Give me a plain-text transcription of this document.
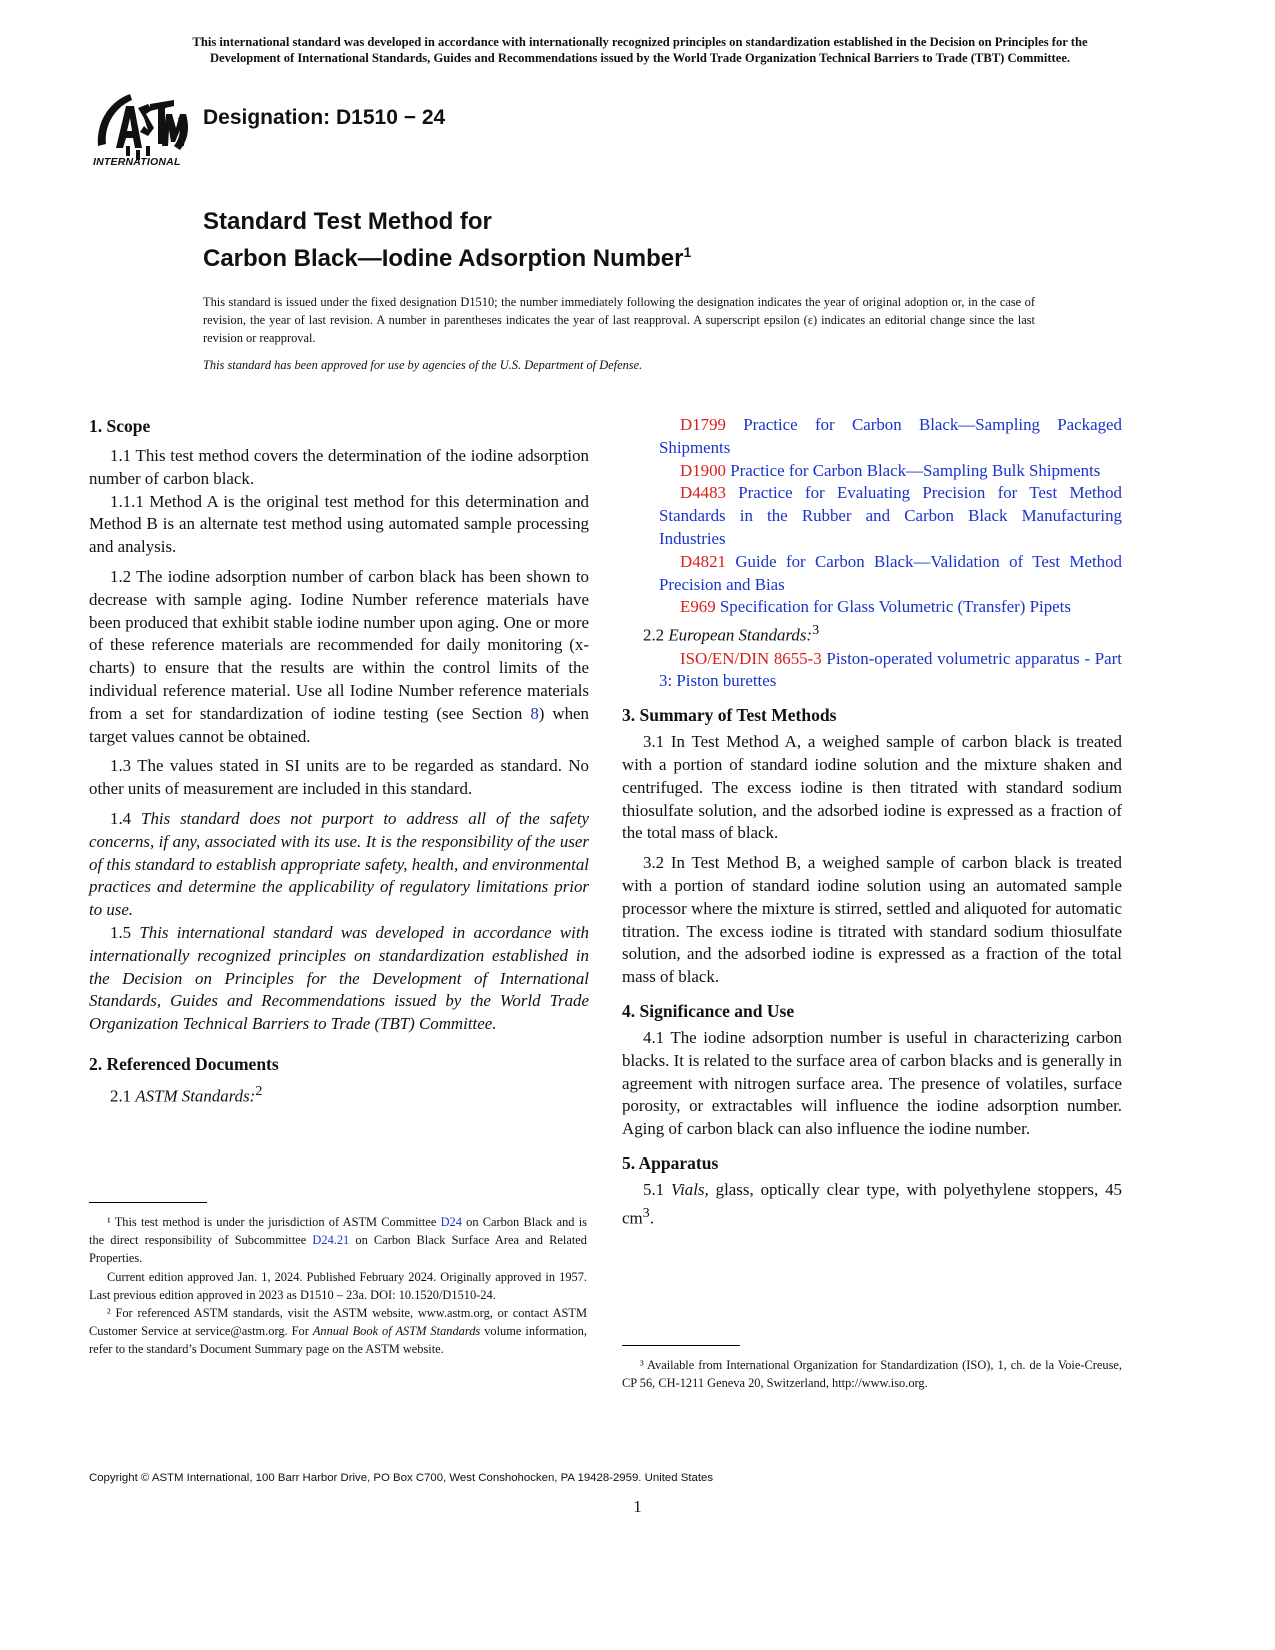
This international standard was developed in accordance with internationally recognized principles on standardization established in the Decision on Principles for the
Development of International Standards, Guides and Recommendations issued by the World Trade Organization Technical Barriers to Trade (TBT) Committee.
INTERNATIONAL
Designation: D1510 − 24
Standard Test Method for
Carbon Black—Iodine Adsorption Number$^1$
This standard is issued under the fixed designation D1510; the number immediately following the designation indicates the year of original adoption or, in the case of revision, the year of last revision. A number in parentheses indicates the year of last reapproval. A superscript epsilon (ε) indicates an editorial change since the last revision or reapproval.
This standard has been approved for use by agencies of the U.S. Department of Defense.
1. Scope

1.1 This test method covers the determination of the iodine adsorption number of carbon black.

1.1.1 Method A is the original test method for this determination and Method B is an alternate test method using automated sample processing and analysis.

1.2 The iodine adsorption number of carbon black has been shown to decrease with sample aging. Iodine Number reference materials have been produced that exhibit stable iodine number upon aging. One or more of these reference materials are recommended for daily monitoring (x-charts) to ensure that the results are within the control limits of the individual reference material. Use all Iodine Number reference materials from a set for standardization of iodine testing (see Section 8) when target values cannot be obtained.

1.3 The values stated in SI units are to be regarded as standard. No other units of measurement are included in this standard.

1.4 This standard does not purport to address all of the safety concerns, if any, associated with its use. It is the responsibility of the user of this standard to establish appropriate safety, health, and environmental practices and determine the applicability of regulatory limitations prior to use.

1.5 This international standard was developed in accordance with internationally recognized principles on standardization established in the Decision on Principles for the Development of International Standards, Guides and Recommendations issued by the World Trade Organization Technical Barriers to Trade (TBT) Committee.

2. Referenced Documents

2.1 ASTM Standards:$^2$

¹ This test method is under the jurisdiction of ASTM Committee D24 on Carbon Black and is the direct responsibility of Subcommittee D24.21 on Carbon Black Surface Area and Related Properties.

Current edition approved Jan. 1, 2024. Published February 2024. Originally approved in 1957. Last previous edition approved in 2023 as D1510 – 23a. DOI: 10.1520/D1510-24.

² For referenced ASTM standards, visit the ASTM website, www.astm.org, or contact ASTM Customer Service at service@astm.org. For Annual Book of ASTM Standards volume information, refer to the standard’s Document Summary page on the ASTM website.

D1799 Practice for Carbon Black—Sampling Packaged Shipments

D1900 Practice for Carbon Black—Sampling Bulk Shipments

D4483 Practice for Evaluating Precision for Test Method Standards in the Rubber and Carbon Black Manufacturing Industries

D4821 Guide for Carbon Black—Validation of Test Method Precision and Bias

E969 Specification for Glass Volumetric (Transfer) Pipets

2.2 European Standards:$^3$

ISO/EN/DIN 8655-3 Piston-operated volumetric apparatus - Part 3: Piston burettes

3. Summary of Test Methods

3.1 In Test Method A, a weighed sample of carbon black is treated with a portion of standard iodine solution and the mixture shaken and centrifuged. The excess iodine is then titrated with standard sodium thiosulfate solution, and the adsorbed iodine is expressed as a fraction of the total mass of black.

3.2 In Test Method B, a weighed sample of carbon black is treated with a portion of standard iodine solution using an automated sample processor where the mixture is stirred, settled and aliquoted for automatic titration. The excess iodine is titrated with standard sodium thiosulfate solution, and the adsorbed iodine is expressed as a fraction of the total mass of black.

4. Significance and Use

4.1 The iodine adsorption number is useful in characterizing carbon blacks. It is related to the surface area of carbon blacks and is generally in agreement with nitrogen surface area. The presence of volatiles, surface porosity, or extractables will influence the iodine adsorption number. Aging of carbon black can also influence the iodine number.

5. Apparatus

5.1 Vials, glass, optically clear type, with polyethylene stoppers, 45 $cm^3$.

³ Available from International Organization for Standardization (ISO), 1, ch. de la Voie-Creuse, CP 56, CH-1211 Geneva 20, Switzerland, http://www.iso.org.

Copyright © ASTM International, 100 Barr Harbor Drive, PO Box C700, West Conshohocken, PA 19428-2959. United States
1
